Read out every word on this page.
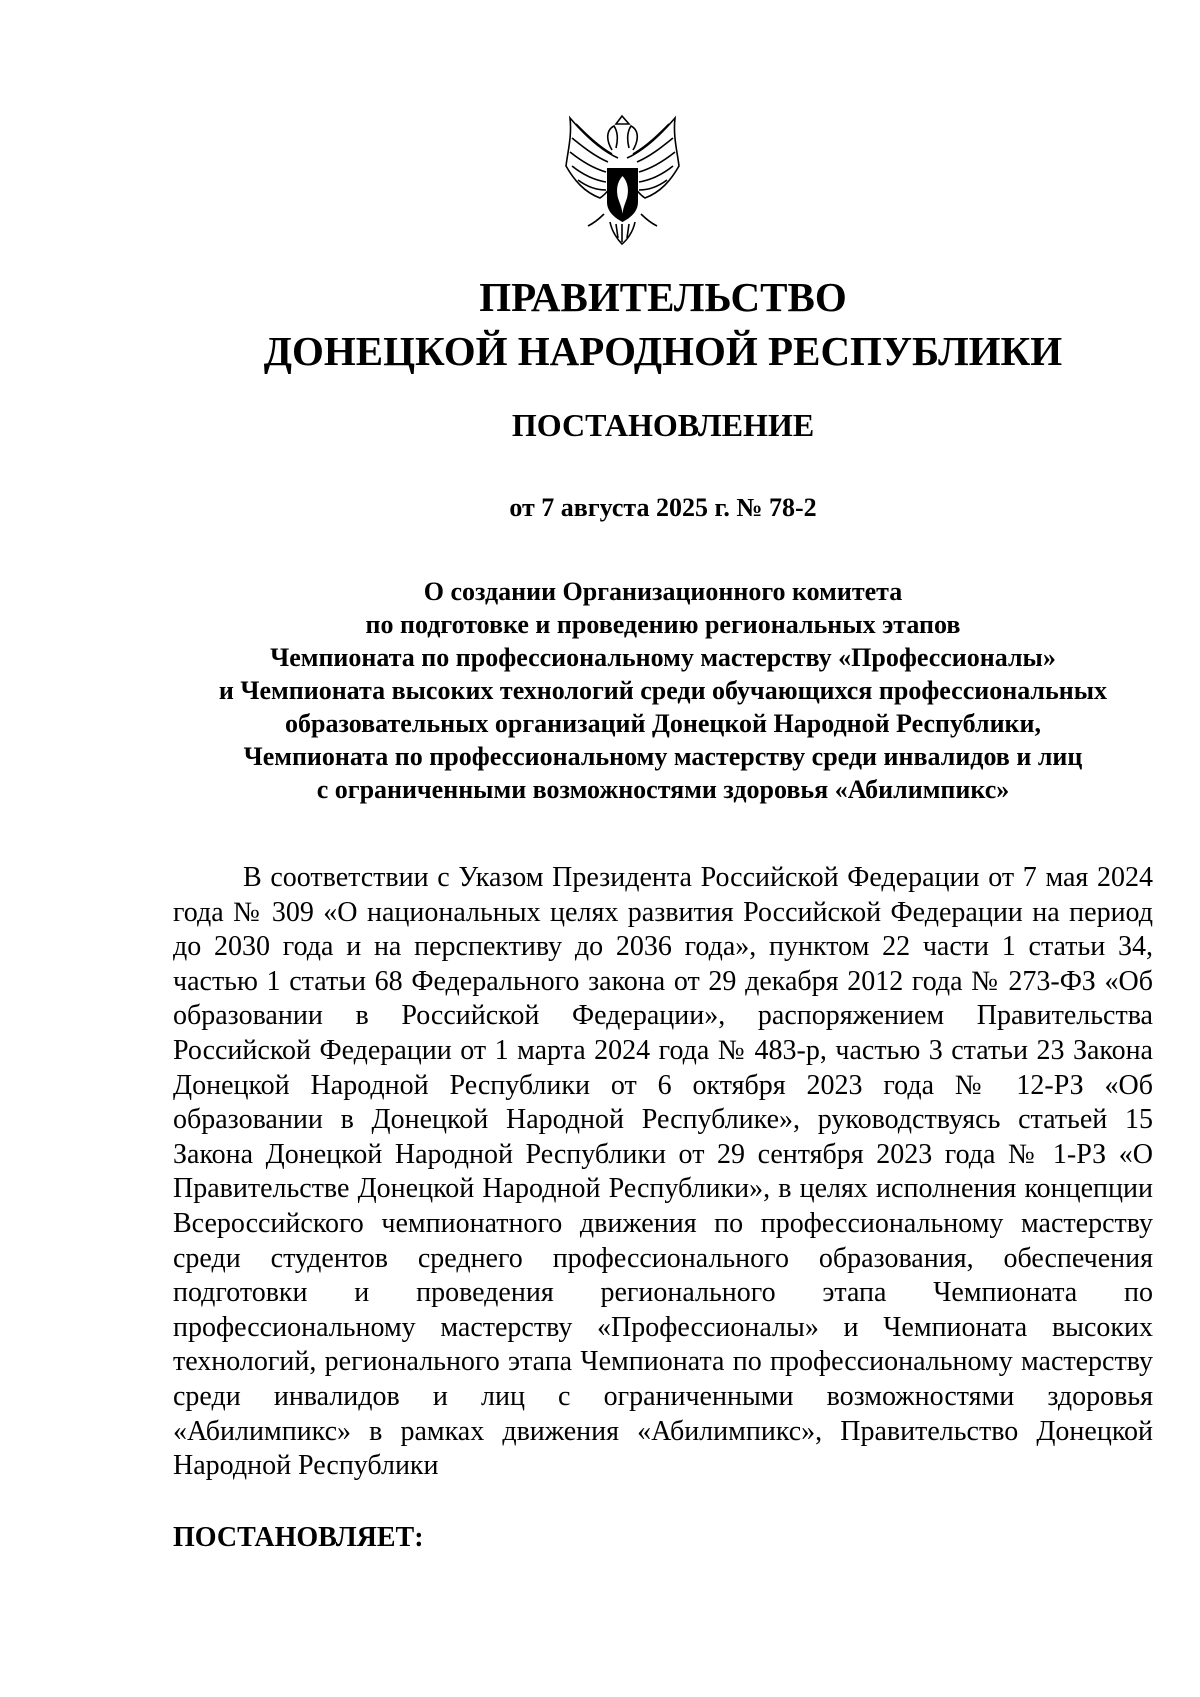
ПРАВИТЕЛЬСТВО
ДОНЕЦКОЙ НАРОДНОЙ РЕСПУБЛИКИ
ПОСТАНОВЛЕНИЕ
от 7 августа 2025 г. № 78-2
О создании Организационного комитета
по подготовке и проведению региональных этапов
Чемпионата по профессиональному мастерству «Профессионалы»
и Чемпионата высоких технологий среди обучающихся профессиональных
образовательных организаций Донецкой Народной Республики,
Чемпионата по профессиональному мастерству среди инвалидов и лиц
с ограниченными возможностями здоровья «Абилимпикс»

В соответствии с Указом Президента Российской Федерации от 7 мая 2024 года № 309 «О национальных целях развития Российской Федерации на период до 2030 года и на перспективу до 2036 года», пунктом 22 части 1 статьи 34, частью 1 статьи 68 Федерального закона от 29 декабря 2012 года № 273-ФЗ «Об образовании в Российской Федерации», распоряжением Правительства Российской Федерации от 1 марта 2024 года № 483-р, частью 3 статьи 23 Закона Донецкой Народной Республики от 6 октября 2023 года № 12-РЗ «Об образовании в Донецкой Народной Республике», руководствуясь статьей 15 Закона Донецкой Народной Республики от 29 сентября 2023 года № 1-РЗ «О Правительстве Донецкой Народной Республики», в целях исполнения концепции Всероссийского чемпионатного движения по профессиональному мастерству среди студентов среднего профессионального образования, обеспечения подготовки и проведения регионального этапа Чемпионата по профессиональному мастерству «Профессионалы» и Чемпионата высоких технологий, регионального этапа Чемпионата по профессиональному мастерству среди инвалидов и лиц с ограниченными возможностями здоровья «Абилимпикс» в рамках движения «Абилимпикс», Правительство Донецкой Народной Республики

ПОСТАНОВЛЯЕТ:
